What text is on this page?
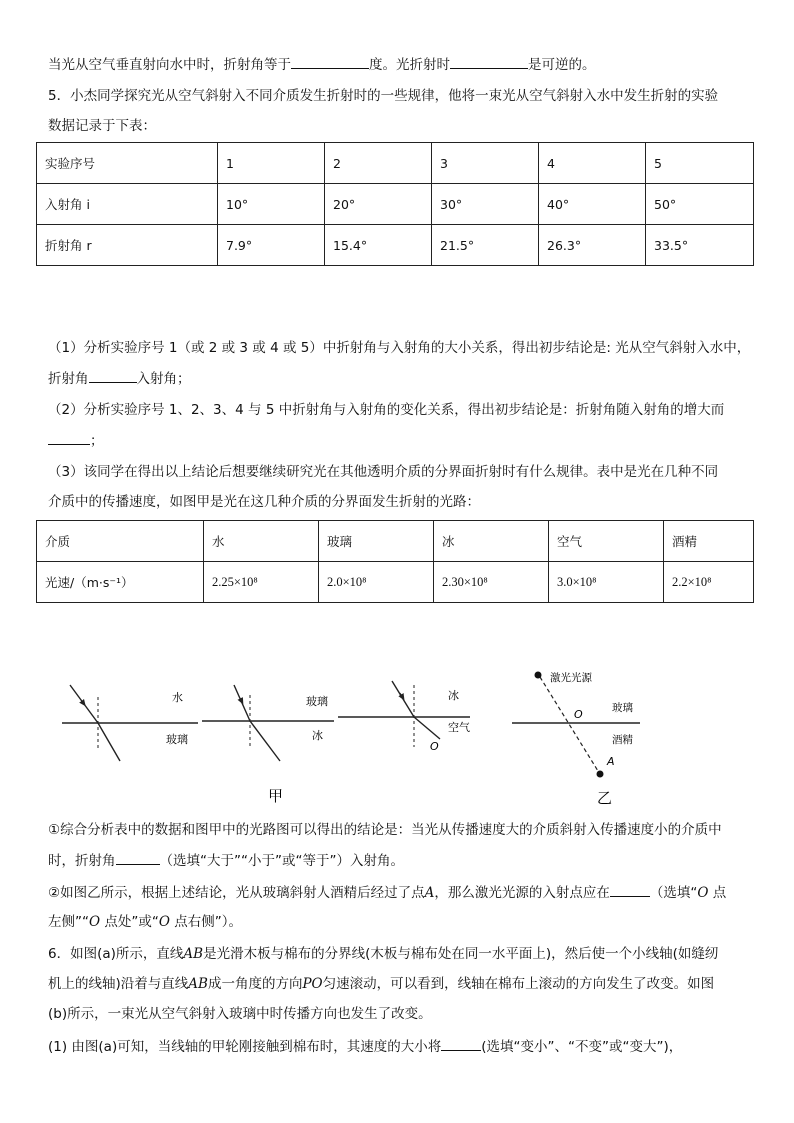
当光从空气垂直射向水中时，折射角等于	度。光折射时	是可逆的。
5．小杰同学探究光从空气斜射入不同介质发生折射时的一些规律，他将一束光从空气斜射入水中发生折射的实验
数据记录于下表：
实验序号	1	2	3	4	5
入射角 i	10°	20°	30°	40°	50°
折射角 r	7.9°	15.4°	21.5°	26.3°	33.5°
（1）分析实验序号 1（或 2 或 3 或 4 或 5）中折射角与入射角的大小关系，得出初步结论是: 光从空气斜射入水中，
折射角	入射角；
（2）分析实验序号 1、2、3、4 与 5 中折射角与入射角的变化关系，得出初步结论是：折射角随入射角的增大而
；
（3）该同学在得出以上结论后想要继续研究光在其他透明介质的分界面折射时有什么规律。表中是光在几种不同
介质中的传播速度，如图甲是光在这几种介质的分界面发生折射的光路：
介质	水	玻璃	冰	空气	酒精
光速/（m·s⁻¹）	2.25×10⁸	2.0×10⁸	2.30×10⁸	3.0×10⁸	2.2×10⁸
水
玻璃
玻璃
冰
冰
空气
O
激光光源
玻璃
酒精
O
A
甲	乙
①综合分析表中的数据和图甲中的光路图可以得出的结论是：当光从传播速度大的介质斜射入传播速度小的介质中
时，折射角	（选填“大于”“小于”或“等于”）入射角。
②如图乙所示，根据上述结论，光从玻璃斜射人酒精后经过了点A，那么激光光源的入射点应在	（选填“O 点
左侧”“O 点处”或“O 点右侧”）。
6．如图(a)所示，直线AB是光滑木板与棉布的分界线(木板与棉布处在同一水平面上)，然后使一个小线轴(如缝纫
机上的线轴)沿着与直线AB成一角度的方向PO匀速滚动，可以看到，线轴在棉布上滚动的方向发生了改变。如图
(b)所示，一束光从空气斜射入玻璃中时传播方向也发生了改变。
(1) 由图(a)可知，当线轴的甲轮刚接触到棉布时，其速度的大小将	(选填“变小”、“不变”或“变大”)，
